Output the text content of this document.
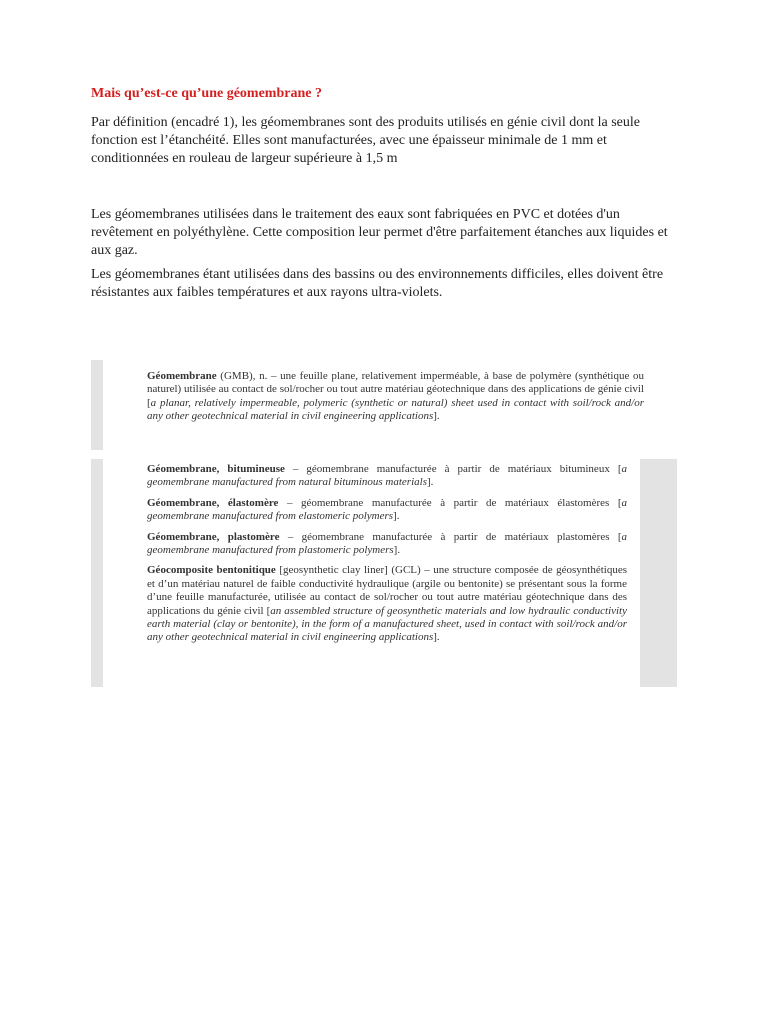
Mais qu’est-ce qu’une géomembrane ?

Par définition (encadré 1), les géomembranes sont des produits utilisés en génie civil dont la seule fonction est l’étanchéité. Elles sont manufacturées, avec une épaisseur minimale de 1 mm et conditionnées en rouleau de largeur supérieure à 1,5 m

Les géomembranes utilisées dans le traitement des eaux sont fabriquées en PVC et dotées d'un revêtement en polyéthylène. Cette composition leur permet d'être parfaitement étanches aux liquides et aux gaz.

Les géomembranes étant utilisées dans des bassins ou des environnements difficiles, elles doivent être résistantes aux faibles températures et aux rayons ultra-violets.

Géomembrane (GMB), n. – une feuille plane, relativement imperméable, à base de polymère (synthétique ou naturel) utilisée au contact de sol/rocher ou tout autre matériau géotechnique dans des applications de génie civil [a planar, relatively impermeable, polymeric (synthetic or natural) sheet used in contact with soil/rock and/or any other geotechnical material in civil engineering applications].

Géomembrane, bitumineuse – géomembrane manufacturée à partir de matériaux bitumineux [a geomembrane manufactured from natural bituminous materials].

Géomembrane, élastomère – géomembrane manufacturée à partir de matériaux élastomères [a geomembrane manufactured from elastomeric polymers].

Géomembrane, plastomère – géomembrane manufacturée à partir de matériaux plastomères [a geomembrane manufactured from plastomeric polymers].

Géocomposite bentonitique [geosynthetic clay liner] (GCL) – une structure composée de géosynthétiques et d’un matériau naturel de faible conductivité hydraulique (argile ou bentonite) se présentant sous la forme d’une feuille manufacturée, utilisée au contact de sol/rocher ou tout autre matériau géotechnique dans des applications du génie civil [an assembled structure of geosynthetic materials and low hydraulic conductivity earth material (clay or bentonite), in the form of a manufactured sheet, used in contact with soil/rock and/or any other geotechnical material in civil engineering applications].
